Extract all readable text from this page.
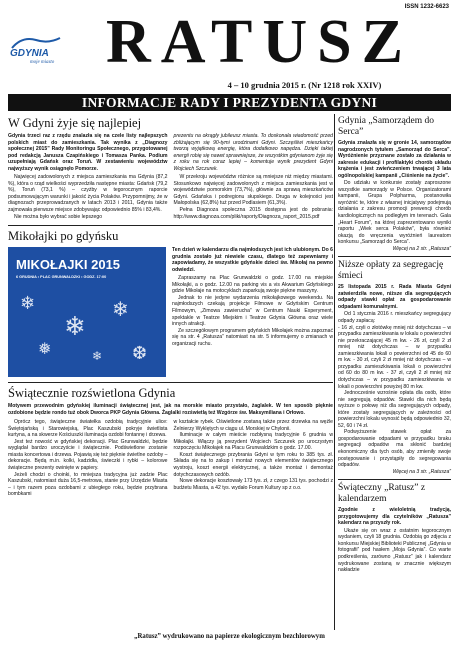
ISSN 1232-6623
GDYNIA
moje miasto RATUSZ
4 – 10 grudnia 2015 r. (Nr 1218 rok XXIV)
INFORMACJE RADY I PREZYDENTA GDYNI
W Gdyni żyje się najlepiej

Gdynia trzeci raz z rzędu znalazła się na czele listy najlepszych polskich miast do zamieszkania. Tak wynika z „Diagnozy społecznej 2015” Rady Monitoringu Społecznego, przygotowanej pod redakcją Janusza Czapińskiego i Tomasza Panka. Podium uzupełniają Gdańsk oraz Toruń. W zestawieniu województw najwyższy wynik osiągnęło Pomorze.

Najwięcej zadowolonych z miejsca zamieszkania ma Gdynia (87,2 %), która o rząd wielkości wyprzedziła następne miasta: Gdańsk (79,2 %), Toruń (73,1 %) – czyżby w tegorocznym raporcie podsumowującym warunki i jakość życia Polaków. Przypomnijmy, że w diagnozach przeprowadzanych w latach 2013 i 2011, Gdynia także zajmowała pierwsze miejsce zdobywając odpowiednio 85% i 83,4%.

Nie można było wybrać sobie lepszego

prezentu na okrągły jubileusz miasta. To doskonała wiadomość przed zbliżającym się 90-tymi urodzinami Gdyni. Szczęśliwi mieszkańcy tworzą wyjątkową energię, która dodatkowo napędza. Dzięki takiej energii robię się nawet sprawniejsze, że wszystkim gdynianom żyje się z roku na rok coraz lepiej – komentuje wynik prezydent Gdyni Wojciech Szczurek.

W przekroju województw różnice są mniejsze niż między miastami. Stosunkowo najwięcej zadowolonych z miejsca zamieszkania jest w województwie pomorskim (73,7%), głównie za sprawą mieszkańców Gdyni. Gdańska i podregionu słupskiego. Druga w kolejności jest Małopolska (62,8%) tuż przed Podlasiem (61,3%).

Pełna Diagnoza społeczna 2015 dostępna jest do pobrania: http://www.diagnoza.com/pliki/raporty/Diagnoza_raport_2015.pdf

Mikołajki po gdyńsku
MIKOŁAJKI 2015
6 GRUDNIA • PLAC GRUNWALDZKI • GODZ. 17:00
❄
❄
❄
❅	❆
❄

Ten dzień w kalendarzu dla najmłodszych jest ich ulubionym. Do 6 grudnia zostało już niewiele czasu, dlatego też zapewniamy i zapowiadamy, że wszystkie gdyńskie dzieci św. Mikołaj na pewno odwiedzi.

Zapraszamy na Plac Grunwaldzki o godz. 17.00 na miejskie Mikołajki, a o godz. 12.00 na parking vis a vis Akwarium Gdyńskiego gdzie Mikołaje na motocyklach zaparkują swoje piękne maszyny.

Jednak to nie jedyne wydarzenia mikołajkowego weekendu. Na najmłodszych czekają projekcje Filmowe w Gdyńskim Centrum Filmowym, „Zimowa zawierucha” w Centrum Nauki Experyment, spektakle w Teatrze Miejskim i Teatrze Gdynia Główna oraz wiele innych atrakcji.

Ze szczegółowym programem gdyńskich Mikołajek można zapoznać się na str. 4 „Ratusza” natomiast na str. 5 informujemy o zmianach w organizacji ruchu.

Świątecznie rozświetlona Gdynia

Motywem przewodnim gdyńskiej iluminacji świątecznej jest, jak na morskie miasto przystało, żaglalek. W ten sposób pięknie ozdobione będzie rondo tuż obok Dworca PKP Gdynia Główna. Żaglalki rozświetlą też Wzgórze św. Maksymiliana i Orłowo.

Oprócz tego, świąteczne światełka ozdobią tradycyjnie ulice: Świętojańską i Starowiejską, Plac Kaszubski pokryje świetlista kurtyna, a na skwerze Kościuszki iluminacja ozdobi fontannę i drzewa.

Jest też nowość w gdyńskiej dekoracji. Plac Grunwaldzki, będzie wyglądał bardzo uroczyście i świątecznie. Podświetlone zostanie miasta koncertowa i drzewa. Pojawią się też pięknie świetlne ozdoby – dekoracje. Będą m.in. kolki, kadzidła, świeczki i rybki – kolorowe świąteczne prezenty owinięte w papiery.

Jeżeli chodzi o choinki, to mniejsza tradycyjna już zadzie Plac Kaszubski, natomiast duża 16,5-metrowa, stanie przy Urzędzie Miasta – i tym razem poza ozdobami z ubiegłego roku, będzie przybrana bombkami

w kształcie rybek. Oświetlone zostaną także przez drzewka na węźle Żelnierzy Wyklętych w ciągu ul. Morskiej w Chylonii.

Iluminacje w całym mieście rozbłysną tradycyjnie 6 grudnia w Mikołajki. Włączy ją prezydent Wojciech Szczurek po uroczystym rozpoczęciu Mikołajek na Placu Grunwaldzkim o godz. 17.00.

Koszt świątecznego przybrania Gdyni w tym roku to 385 tys. zł. Składa się na to zakup i montaż nowych elementów świątecznego wystroju, koszt energii elektrycznej, a także montaż i demontaż dotychczasowych ozdób.

Nowe dekoracje kosztowały 173 tys. zł, z czego 131 tys. pochodzi z budżetu Miasta, a 42 tys. wydało Forum Kultury sp z o.o.

Gdynia „Samorządem do Serca”

Gdynia znalazła się w gronie 14, samorządów nagrodzonych tytułem „Samorząd do Serca”. Wyróżnienie przyznane zostało za działania w zakresie edukacji i profilaktyki chorób układu krążenia i jest zwieńczeniem trwającej 3 lata ogólnopolskiej kampanii „Ciśnienie na życie”.

Do udziału w konkursie zostały zaproszone wszystkie samorządy w Polsce. Organizatorami kampanii, Grupa Polpharma, postanowiła wyróżnić te, które z własnej inicjatywy podejmują działania z zakresu promocji prewencji chorób kardiologicznych na podległym im terenach. Gala „Heart Forum”, na której zaprezentowano wyniki raportu „Wiek serca Polaków”, była również okazją do wręczenia wyróżnień laureatom konkursu „Samorząd do Serca”.

Więcej na 2 str. „Ratusza”

Niższe opłaty za segregację śmieci

25 listopada 2015 r. Rada Miasta Gdyni zatwierdziła nowe, niższe dla segregujących odpady stawki opłat za gospodarowanie odpadami komunalnymi.

Od 1 stycznia 2016 r. mieszkańcy segregujący odpady zapłacą:

- 16 zł, czyli o złotówkę mniej niż dotychczas – w przypadku zamieszkiwania w lokalu o powierzchni nie przekraczającej 45 m kw. - 26 zł, czyli 2 zł mniej niż dotychczas – w przypadku zamieszkiwania lokali o powierzchni od 45 do 60 m kw. - 30 zł, czyli 2 zł mniej niż dotychczas – w przypadku zamieszkiwania lokali o powierzchni od 60 do 80 m kw. - 37 zł, czyli 2 zł mniej niż dotychczas – w przypadku zamieszkiwania w lokali o powierzchni powyżej 80 m kw.

Jednocześnie wzrośnie opłata dla osób, które nie segregują odpadów. Stawki dla nich będą wyższe o połowę niż dla segregujących odpady, które zostały segregujących w zależności od powierzchni lokalu wynosić będą odpowiednio 32, 52, 60 i 74 zł.

Podwyższenie stawek opłat za gospodarowanie odpadami w przypadku braku segregacji odpadów ma skłonić bardziej ekonomiczny dla tych osób, aby zmieniły swoje postępowanie i przystąpiły do segregowania odpadów.

Więcej na 3 str. „Ratusza”

Świąteczny „Ratusz” z kalendarzem

Zgodnie z wieloletnią tradycją, przygotowujemy dla czytelników „Ratusza” kalendarz na przyszły rok.

Ukaże się on wraz z ostatnim tegorocznym wydaniem, czyli 18 grudnia. Ozdobią go zdjęcia z konkursu Miejskiej Biblioteki Publicznej „Gdynia w fotografii” pod hasłem „Moja Gdynia”. Co warte podkreślenia, zarówno „Ratusz” jak i kalendarz wydrukowane zostaną w znacznie większym nakładzie

„Ratusz” wydrukowano na papierze ekologicznym bezchlorowym
